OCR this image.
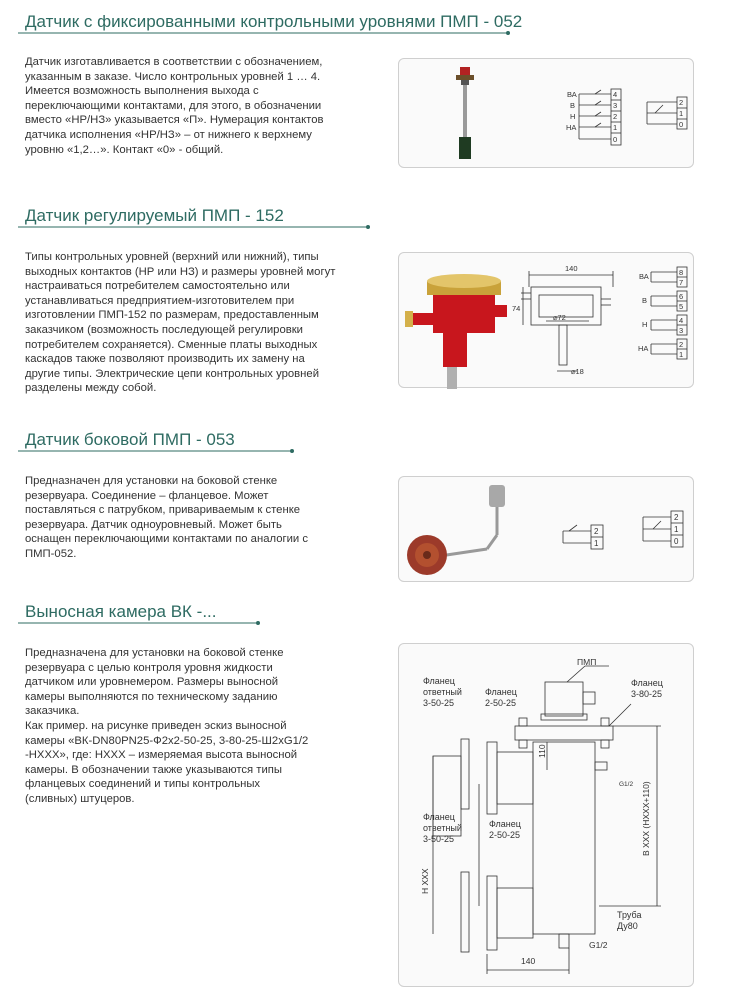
Датчик с фиксированными контрольными уровнями ПМП - 052
Датчик изготавливается в соответствии с обозначением,
указанным в заказе. Число контрольных уровней 1 … 4.
Имеется возможность выполнения выхода с
переключающими контактами, для этого, в обозначении
вместо «НР/НЗ» указывается «П». Нумерация контактов
датчика исполнения «НР/НЗ» – от нижнего к верхнему
уровню «1,2…». Контакт «0» - общий.
ВА
В
Н
НА
4
3
2
1
0
2
1
0
Датчик регулируемый ПМП - 152
Типы контрольных уровней (верхний или нижний), типы
выходных контактов (НР или НЗ) и размеры уровней могут
настраиваться потребителем самостоятельно или
устанавливаться предприятием-изготовителем при
изготовлении ПМП-152 по размерам, предоставленным
заказчиком (возможность последующей регулировки
потребителем сохраняется). Сменные платы выходных
каскадов также позволяют производить их замену на
другие типы. Электрические цепи контрольных уровней
разделены между собой.
140
74
⌀72
⌀18
ВА
В
Н
НА
8
7
6
5
4
3
2
1
Датчик боковой ПМП - 053
Предназначен для установки на боковой стенке
резервуара. Соединение – фланцевое. Может
поставляться с патрубком, привариваемым к стенке
резервуара. Датчик одноуровневый. Может быть
оснащен переключающими контактами по аналогии с
ПМП-052.
2
1
2
1
0
Выносная камера ВК -...
Предназначена для установки на боковой стенке
резервуара с целью контроля уровня жидкости
датчиком или уровнемером. Размеры выносной
камеры выполняются по техническому заданию
заказчика.
Как пример. на рисунке приведен эскиз выносной
камеры «ВК-DN80PN25-Ф2х2-50-25, 3-80-25-Ш2хG1/2
-НХХХ», где: НХХХ – измеряемая высота выносной
камеры. В обозначении также указываются типы
фланцевых соединений и типы контрольных
(сливных) штуцеров.
ПМП
140
110
Н ХХХ
В ХХХ (НХХХ+110)
G1/2
G1/2
Фланец
ответный
3-50-25
Фланец
2-50-25
Фланец
3-80-25
Фланец
ответный
3-50-25
Фланец
2-50-25
Труба
Ду80
